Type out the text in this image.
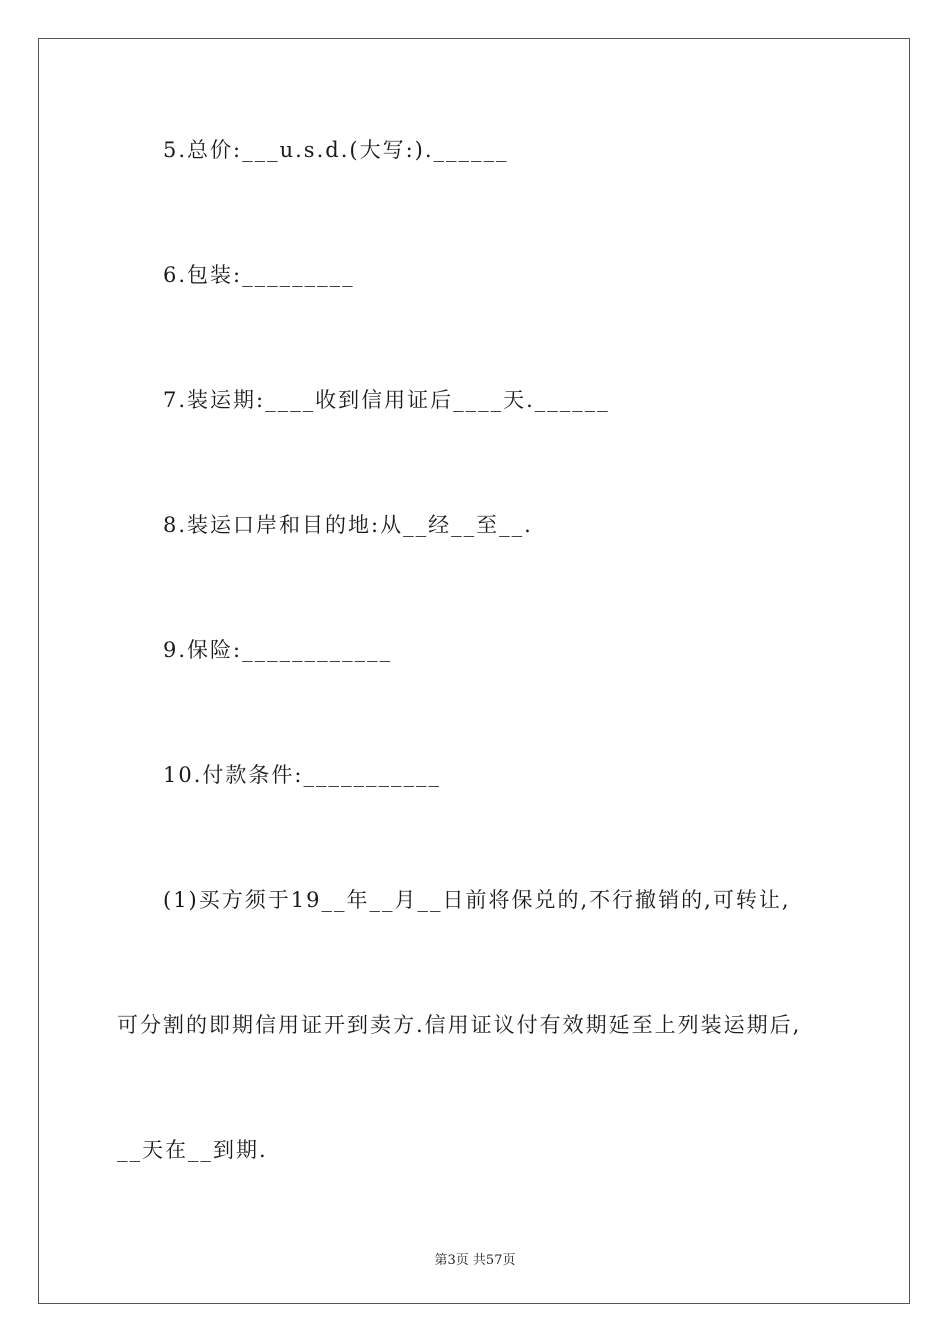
5.总价:___u.s.d.(大写:).______
6.包装:_________
7.装运期:____收到信用证后____天.______
8.装运口岸和目的地:从__经__至__.
9.保险:____________
10.付款条件:___________
(1)买方须于19__年__月__日前将保兑的,不行撤销的,可转让,
可分割的即期信用证开到卖方.信用证议付有效期延至上列装运期后,
__天在__到期.
第3页 共57页
